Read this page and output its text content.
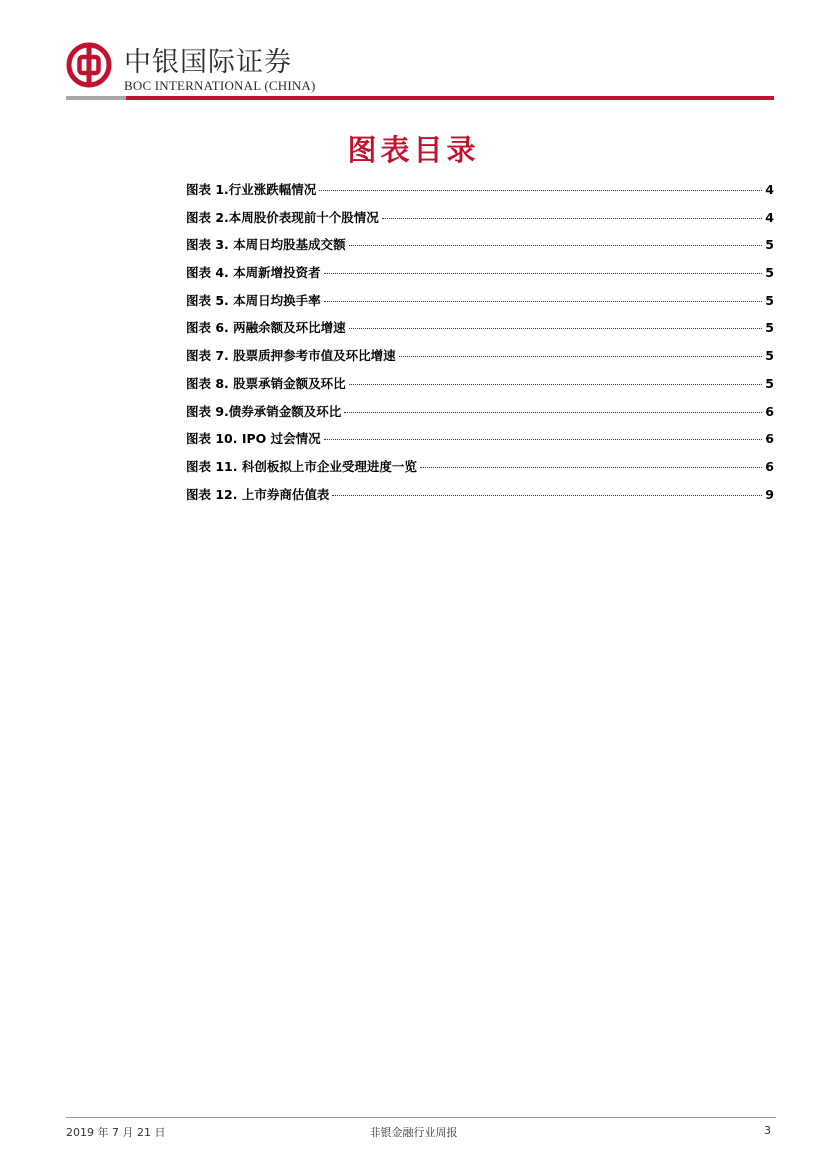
中银国际证券
BOC INTERNATIONAL (CHINA)
图表目录
图表 1.行业涨跌幅情况	4
图表 2.本周股价表现前十个股情况	4
图表 3. 本周日均股基成交额	5
图表 4. 本周新增投资者	5
图表 5. 本周日均换手率	5
图表 6. 两融余额及环比增速	5
图表 7. 股票质押参考市值及环比增速	5
图表 8. 股票承销金额及环比	5
图表 9.债券承销金额及环比	6
图表 10. IPO 过会情况	6
图表 11. 科创板拟上市企业受理进度一览	6
图表 12. 上市券商估值表	9
2019 年 7 月 21 日	非银金融行业周报	3
